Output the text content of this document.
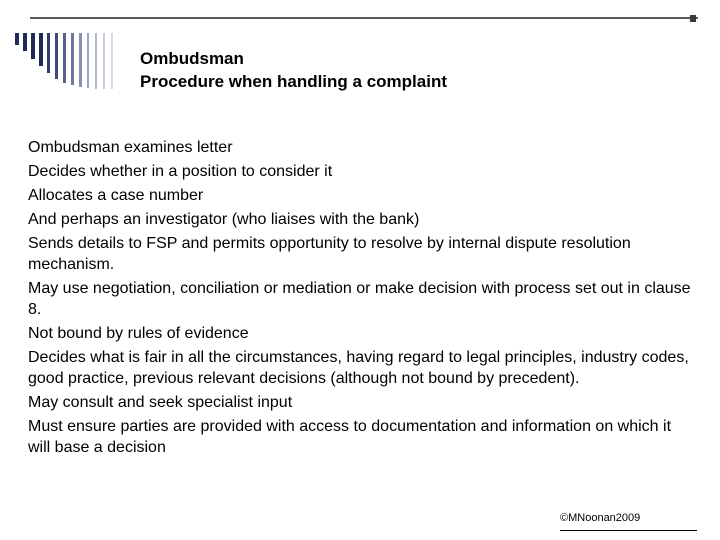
Ombudsman
Procedure when handling a complaint
Ombudsman examines letter
Decides whether in a position to consider it
Allocates a case number
And perhaps an investigator (who liaises with the bank)
Sends details to FSP and permits opportunity to resolve by internal dispute resolution mechanism.
May use negotiation, conciliation or mediation or make decision with process set out in clause 8.
Not bound by rules of evidence
Decides what is fair in all the circumstances, having regard to legal principles, industry codes, good practice, previous relevant decisions (although not bound by precedent).
May consult and seek specialist input
Must ensure parties are provided with access to documentation and information on which it will base a decision
©MNoonan2009
